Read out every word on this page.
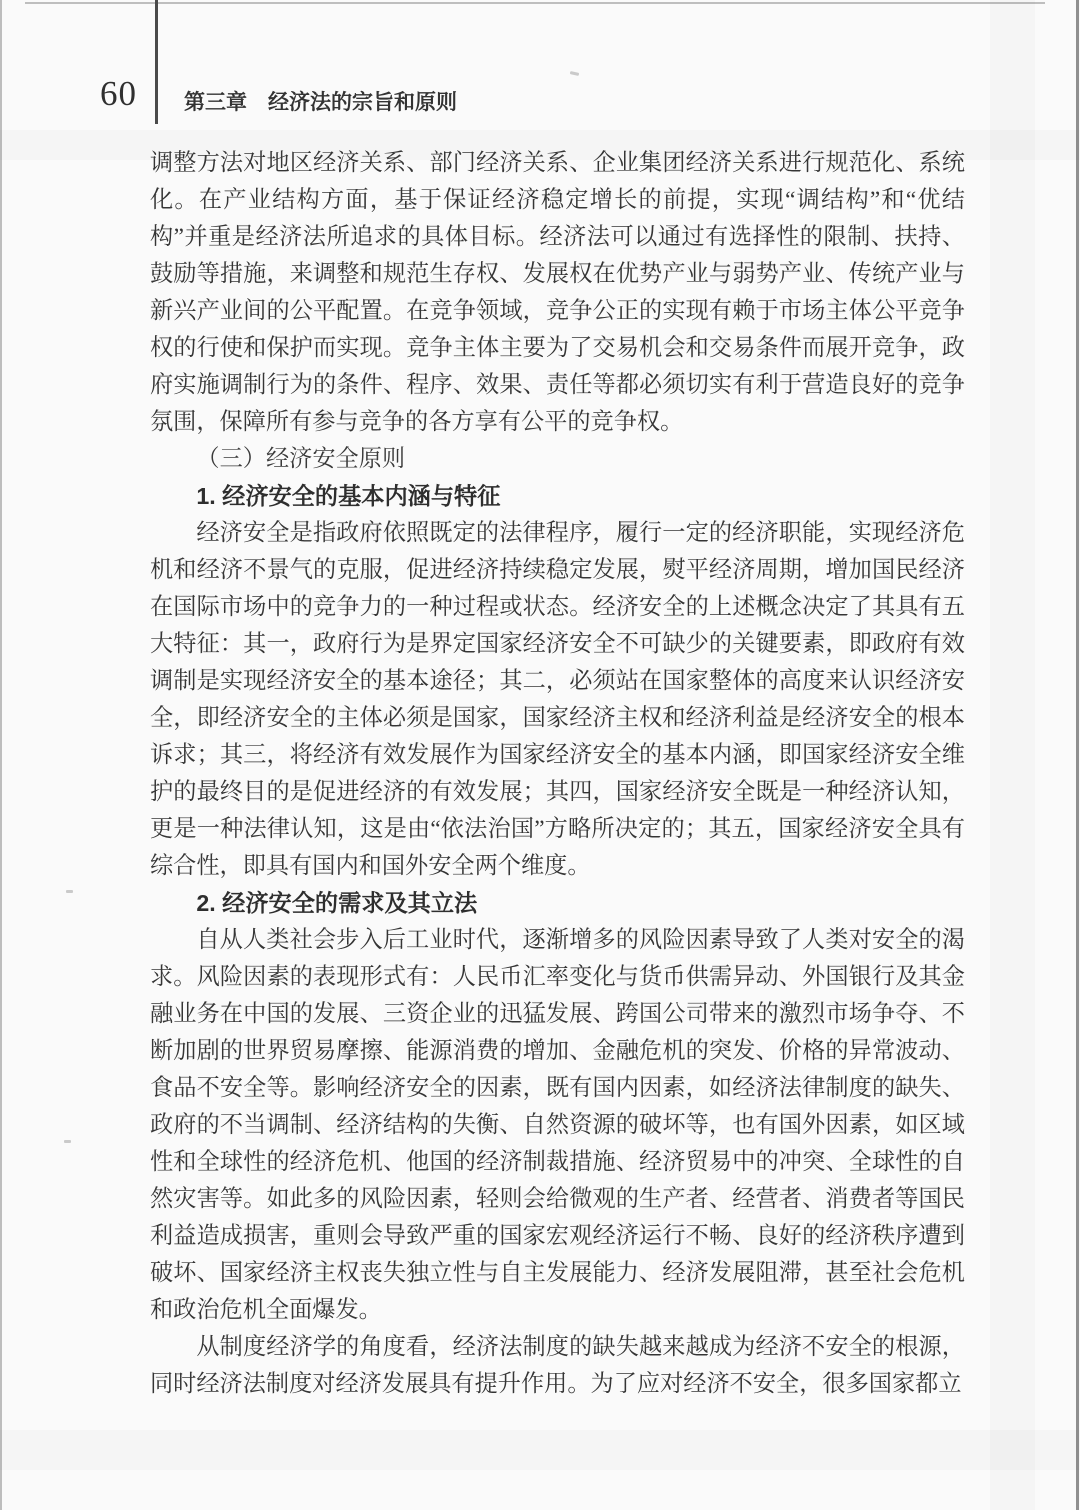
60 第三章　经济法的宗旨和原则
调整方法对地区经济关系、部门经济关系、企业集团经济关系进行规范化、系统化。在产业结构方面，基于保证经济稳定增长的前提，实现“调结构”和“优结构”并重是经济法所追求的具体目标。经济法可以通过有选择性的限制、扶持、鼓励等措施，来调整和规范生存权、发展权在优势产业与弱势产业、传统产业与新兴产业间的公平配置。在竞争领域，竞争公正的实现有赖于市场主体公平竞争权的行使和保护而实现。竞争主体主要为了交易机会和交易条件而展开竞争，政府实施调制行为的条件、程序、效果、责任等都必须切实有利于营造良好的竞争氛围，保障所有参与竞争的各方享有公平的竞争权。
（三）经济安全原则
1. 经济安全的基本内涵与特征
经济安全是指政府依照既定的法律程序，履行一定的经济职能，实现经济危机和经济不景气的克服，促进经济持续稳定发展，熨平经济周期，增加国民经济在国际市场中的竞争力的一种过程或状态。经济安全的上述概念决定了其具有五大特征：其一，政府行为是界定国家经济安全不可缺少的关键要素，即政府有效调制是实现经济安全的基本途径；其二，必须站在国家整体的高度来认识经济安全，即经济安全的主体必须是国家，国家经济主权和经济利益是经济安全的根本诉求；其三，将经济有效发展作为国家经济安全的基本内涵，即国家经济安全维护的最终目的是促进经济的有效发展；其四，国家经济安全既是一种经济认知，更是一种法律认知，这是由“依法治国”方略所决定的；其五，国家经济安全具有综合性，即具有国内和国外安全两个维度。
2. 经济安全的需求及其立法
自从人类社会步入后工业时代，逐渐增多的风险因素导致了人类对安全的渴求。风险因素的表现形式有：人民币汇率变化与货币供需异动、外国银行及其金融业务在中国的发展、三资企业的迅猛发展、跨国公司带来的激烈市场争夺、不断加剧的世界贸易摩擦、能源消费的增加、金融危机的突发、价格的异常波动、食品不安全等。影响经济安全的因素，既有国内因素，如经济法律制度的缺失、政府的不当调制、经济结构的失衡、自然资源的破坏等，也有国外因素，如区域性和全球性的经济危机、他国的经济制裁措施、经济贸易中的冲突、全球性的自然灾害等。如此多的风险因素，轻则会给微观的生产者、经营者、消费者等国民利益造成损害，重则会导致严重的国家宏观经济运行不畅、良好的经济秩序遭到破坏、国家经济主权丧失独立性与自主发展能力、经济发展阻滞，甚至社会危机和政治危机全面爆发。
从制度经济学的角度看，经济法制度的缺失越来越成为经济不安全的根源，同时经济法制度对经济发展具有提升作用。为了应对经济不安全，很多国家都立
